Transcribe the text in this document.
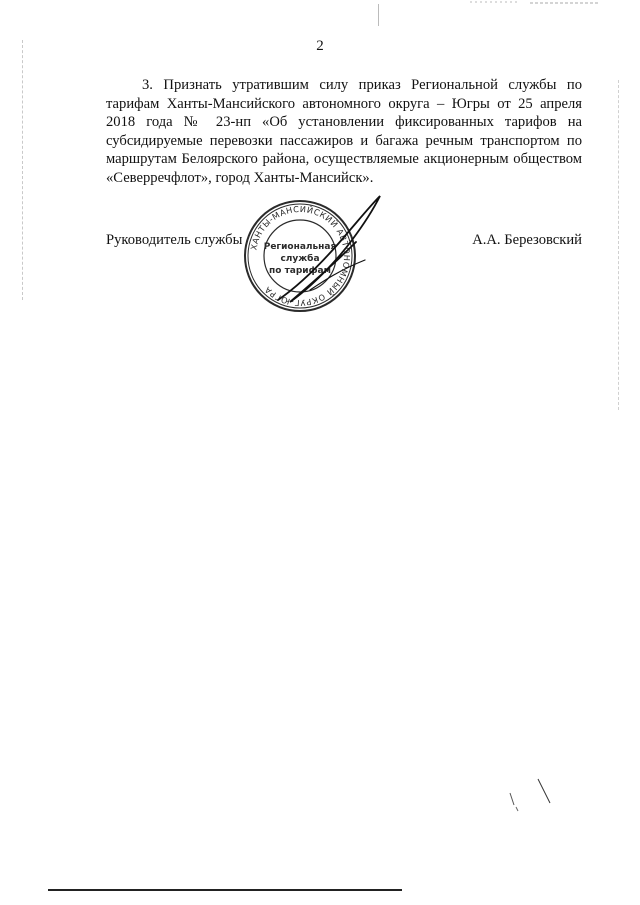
2

3. Признать утратившим силу приказ Региональной службы по тарифам Ханты-Мансийского автономного округа – Югры от 25 апреля 2018 года № 23-нп «Об установлении фиксированных тарифов на субсидируемые перевозки пассажиров и багажа речным транспортом по маршрутам Белоярского района, осуществляемые акционерным обществом «Северречфлот», город Ханты-Мансийск».

Руководитель службы	А.А. Березовский
ХАНТЫ-МАНСИЙСКИЙ АВТОНОМНЫЙ ОКРУГ-ЮГРА
Региональная
служба
по тарифам
